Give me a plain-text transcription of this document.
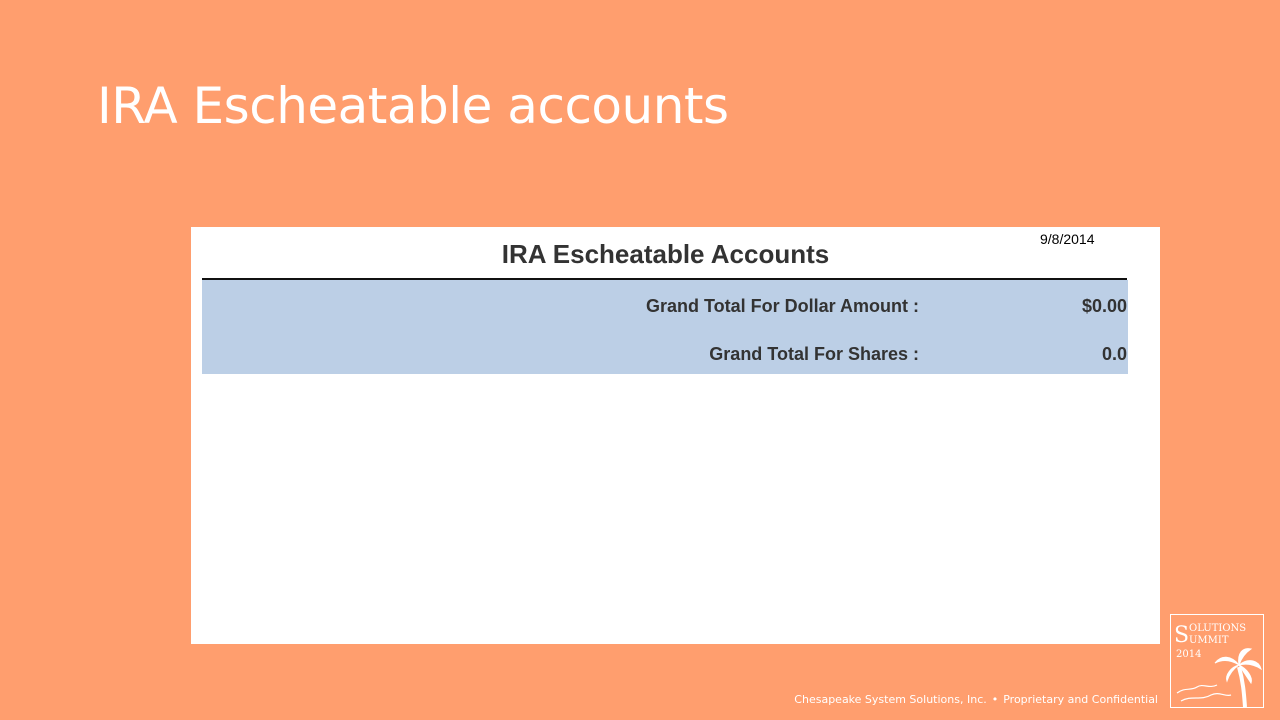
IRA Escheatable accounts
9/8/2014
IRA Escheatable Accounts
Grand Total For Dollar Amount :	$0.00
Grand Total For Shares :	0.0
Chesapeake System Solutions, Inc. • Proprietary and Confidential
S OLUTIONS
UMMIT
2014
